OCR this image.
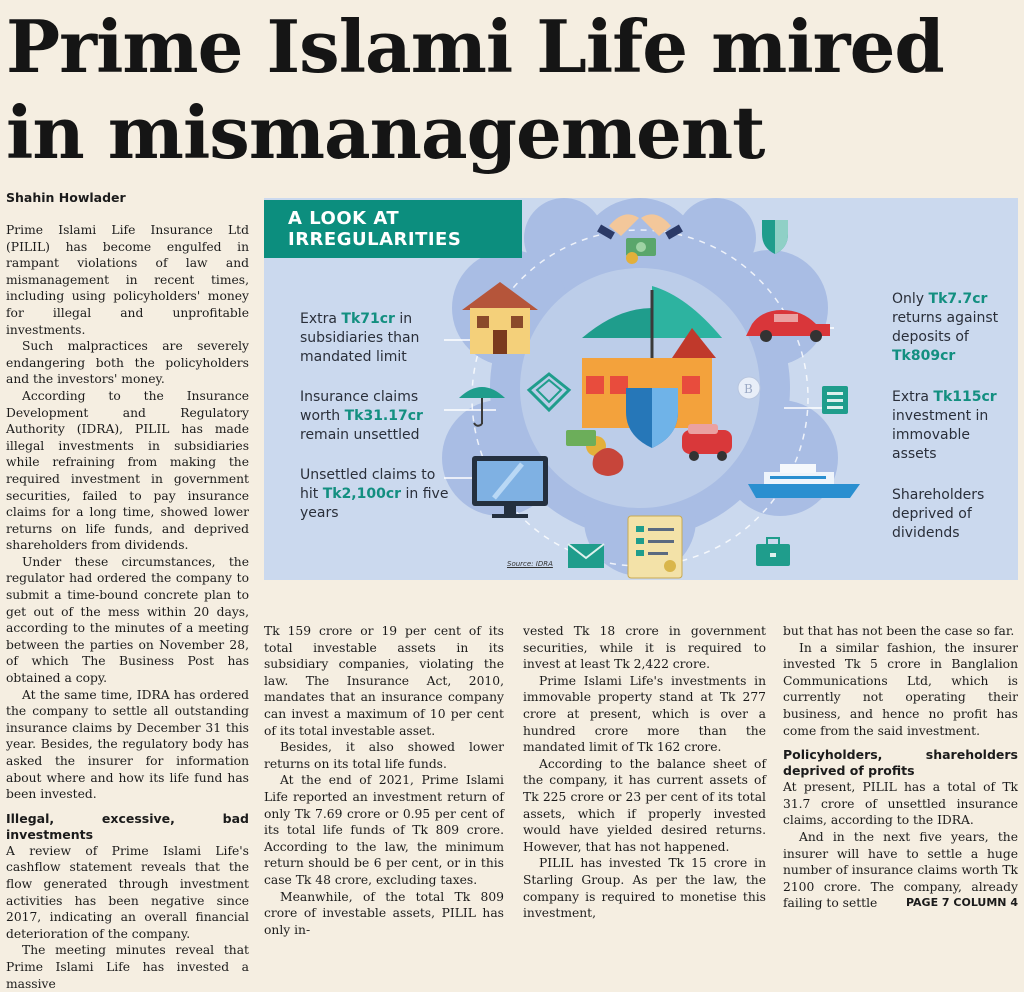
Prime Islami Life mired in mismanagement
Shahin Howlader

Prime Islami Life Insurance Ltd (PILIL) has become engulfed in rampant violations of law and mismanagement in recent times, including using policyholders' money for illegal and unprofitable investments.

Such malpractices are severely endangering both the policyholders and the investors' money.

According to the Insurance Development and Regulatory Authority (IDRA), PILIL has made illegal investments in subsidiaries while refraining from making the required investment in government securities, failed to pay insurance claims for a long time, showed lower returns on life funds, and deprived shareholders from dividends.

Under these circumstances, the regulator had ordered the company to submit a time-bound concrete plan to get out of the mess within 20 days, according to the minutes of a meeting between the parties on November 28, of which The Business Post has obtained a copy.

At the same time, IDRA has ordered the company to settle all outstanding insurance claims by December 31 this year. Besides, the regulatory body has asked the insurer for information about where and how its life fund has been invested.

Illegal, excessive, bad investments

A review of Prime Islami Life's cashflow statement reveals that the flow generated through investment activities has been negative since 2017, indicating an overall financial deterioration of the company.

The meeting minutes reveal that Prime Islami Life has invested a massive

B
A LOOK AT IRREGULARITIES
Extra Tk71cr in subsidiaries than mandated limit
Insurance claims worth Tk31.17cr remain unsettled
Unsettled claims to hit Tk2,100cr in five years
Only Tk7.7cr returns against deposits of Tk809cr
Extra Tk115cr investment in immovable assets
Shareholders deprived of dividends
Source: IDRA

Tk 159 crore or 19 per cent of its total investable assets in its subsidiary companies, violating the law. The Insurance Act, 2010, mandates that an insurance company can invest a maximum of 10 per cent of its total investable asset.

Besides, it also showed lower returns on its total life funds.

At the end of 2021, Prime Islami Life reported an investment return of only Tk 7.69 crore or 0.95 per cent of its total life funds of Tk 809 crore. According to the law, the minimum return should be 6 per cent, or in this case Tk 48 crore, excluding taxes.

Meanwhile, of the total Tk 809 crore of investable assets, PILIL has only in-

vested Tk 18 crore in government securities, while it is required to invest at least Tk 2,422 crore.

Prime Islami Life's investments in immovable property stand at Tk 277 crore at present, which is over a hundred crore more than the mandated limit of Tk 162 crore.

According to the balance sheet of the company, it has current assets of Tk 225 crore or 23 per cent of its total assets, which if properly invested would have yielded desired returns. However, that has not happened.

PILIL has invested Tk 15 crore in Starling Group. As per the law, the company is required to monetise this investment,

but that has not been the case so far.

In a similar fashion, the insurer invested Tk 5 crore in Banglalion Communications Ltd, which is currently not operating their business, and hence no profit has come from the said investment.

Policyholders, shareholders deprived of profits

At present, PILIL has a total of Tk 31.7 crore of unsettled insurance claims, according to the IDRA.

And in the next five years, the insurer will have to settle a huge number of insurance claims worth Tk 2100 crore. The company, already failing to settle	PAGE 7 COLUMN 4
